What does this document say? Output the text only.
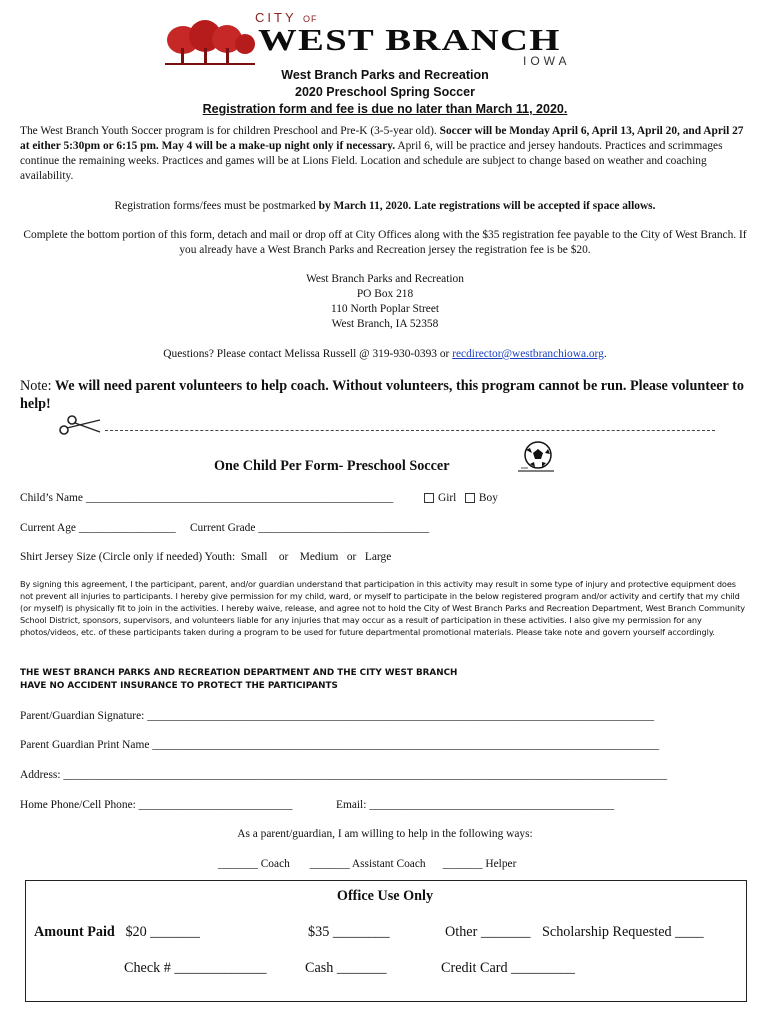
CITY OF
WEST BRANCH
IOWA
West Branch Parks and Recreation
2020 Preschool Spring Soccer
Registration form and fee is due no later than March 11, 2020.
The West Branch Youth Soccer program is for children Preschool and Pre-K (3-5-year old). Soccer will be Monday April 6, April 13, April 20, and April 27 at either 5:30pm or 6:15 pm. May 4 will be a make-up night only if necessary. April 6, will be practice and jersey handouts. Practices and scrimmages continue the remaining weeks. Practices and games will be at Lions Field. Location and schedule are subject to change based on weather and coaching availability.
Registration forms/fees must be postmarked by March 11, 2020. Late registrations will be accepted if space allows.
Complete the bottom portion of this form, detach and mail or drop off at City Offices along with the $35 registration fee payable to the City of West Branch. If you already have a West Branch Parks and Recreation jersey the registration fee is be $20.
West Branch Parks and Recreation
PO Box 218
110 North Poplar Street
West Branch, IA 52358
Questions? Please contact Melissa Russell @ 319-930-0393 or recdirector@westbranchiowa.org.
Note: We will need parent volunteers to help coach. Without volunteers, this program cannot be run. Please volunteer to help!
One Child Per Form- Preschool Soccer
Child’s Name ______________________________________________________	Girl Boy
Current Age _________________ Current Grade ______________________________
Shirt Jersey Size (Circle only if needed) Youth: Small or Medium or Large
By signing this agreement, I the participant, parent, and/or guardian understand that participation in this activity may result in some type of injury and protective equipment does not prevent all injuries to participants. I hereby give permission for my child, ward, or myself to participate in the below registered program and/or activity and certify that my child (or myself) is physically fit to join in the activities. I hereby waive, release, and agree not to hold the City of West Branch Parks and Recreation Department, West Branch Community School District, sponsors, supervisors, and volunteers liable for any injuries that may occur as a result of participation in these activities. I also give my permission for any photos/videos, etc. of these participants taken during a program to be used for future departmental promotional materials. Please take note and govern yourself accordingly.
THE WEST BRANCH PARKS AND RECREATION DEPARTMENT AND THE CITY WEST BRANCH
HAVE NO ACCIDENT INSURANCE TO PROTECT THE PARTICIPANTS
Parent/Guardian Signature: _________________________________________________________________________________________
Parent Guardian Print Name _________________________________________________________________________________________
Address: __________________________________________________________________________________________________________
Home Phone/Cell Phone: ___________________________	Email: ___________________________________________
As a parent/guardian, I am willing to help in the following ways:
_______ Coach _______ Assistant Coach _______ Helper
Office Use Only
Amount Paid $20 _______	$35 ________	Other _______ Scholarship Requested ____
Check # _____________	Cash _______	Credit Card _________
